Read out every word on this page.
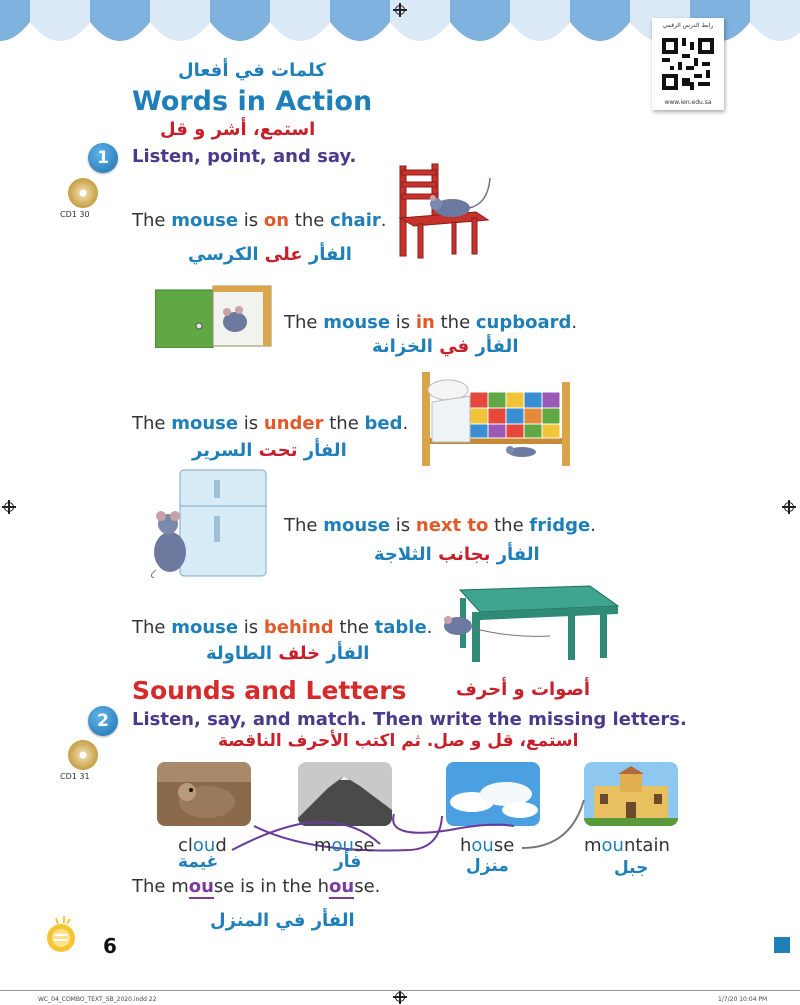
رابط الدرس الرقمي
www.ien.edu.sa
كلمات في أفعال
Words in Action
استمع، أشر و قل
1	Listen, point, and say.
CD1 30 The mouse is on the chair.
الفأر على الكرسي
The mouse is in the cupboard.
الفأر في الخزانة
The mouse is under the bed.
الفأر تحت السرير
The mouse is next to the fridge.
الفأر بجانب الثلاجة
The mouse is behind the table.
الفأر خلف الطاولة
Sounds and Letters	أصوات و أحرف
2	Listen, say, and match. Then write the missing letters.
استمع، قل و صل. ثم اكتب الأحرف الناقصة
CD1 31
cloud	mouse	house	mountain
غيمة	فأر	منزل	جبل
The mouse is in the house.
الفأر في المنزل
6
WC_04_COMBO_TEXT_SB_2020.indd 22	1/7/20 10:04 PM
